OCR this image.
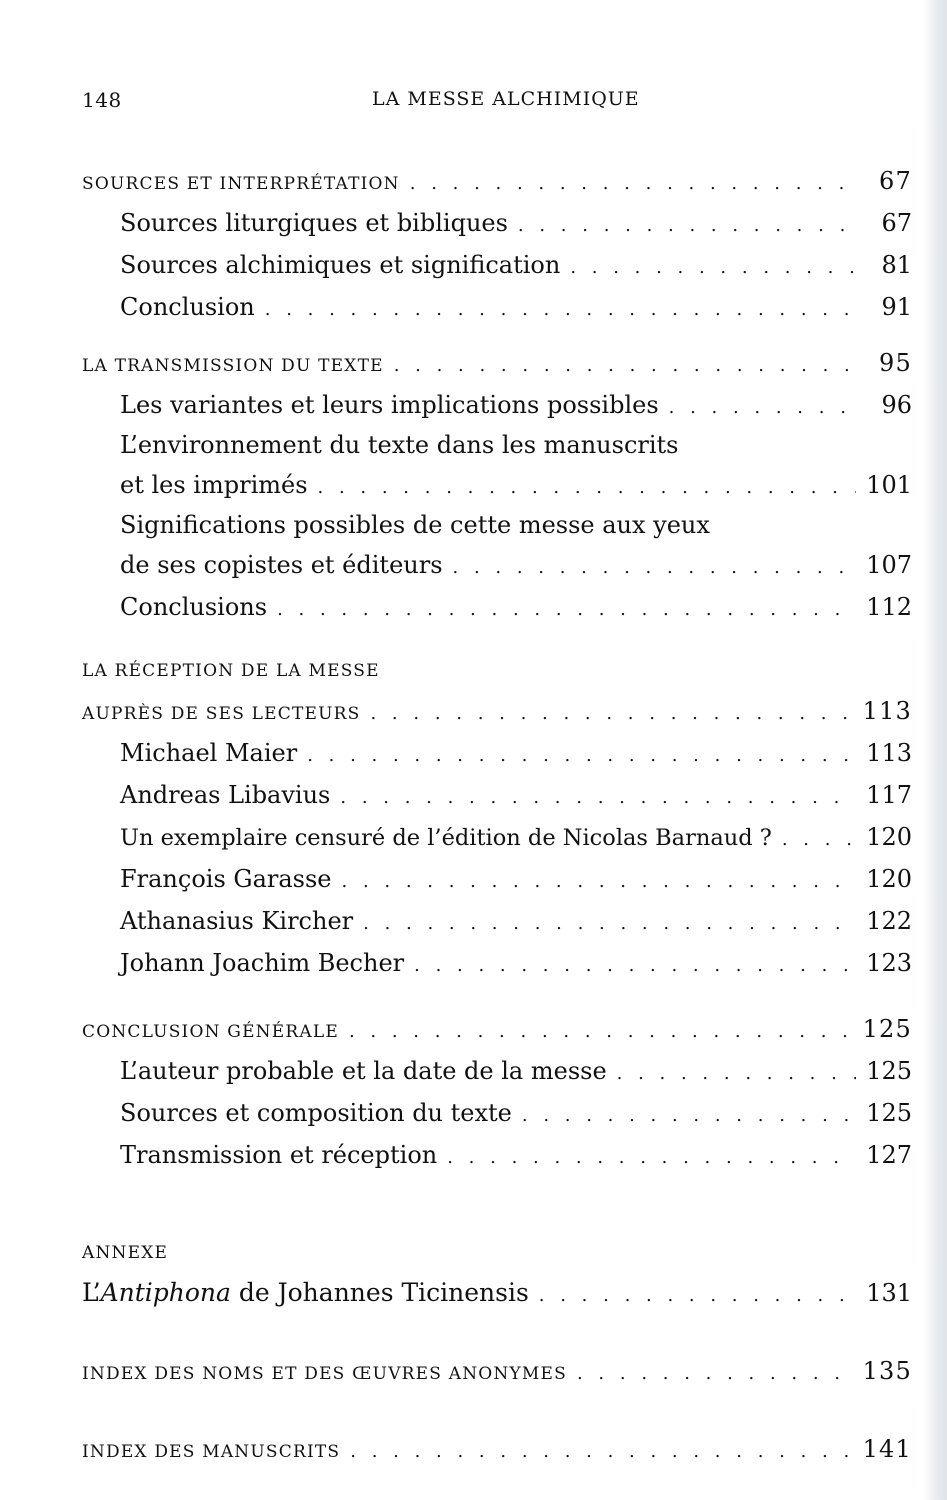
148	LA MESSE ALCHIMIQUE
SOURCES ET INTERPRÉTATION . . .	67
Sources liturgiques et bibliques . . .	67
Sources alchimiques et signification . . .	81
Conclusion . . .	91
LA TRANSMISSION DU TEXTE . . .	95
Les variantes et leurs implications possibles . . .	96
L’environnement du texte dans les manuscrits
et les imprimés . . .	101
Significations possibles de cette messe aux yeux
de ses copistes et éditeurs . . .	107
Conclusions . . .	112
LA RÉCEPTION DE LA MESSE
AUPRÈS DE SES LECTEURS . . .	113
Michael Maier . . .	113
Andreas Libavius . . .	117
Un exemplaire censuré de l’édition de Nicolas Barnaud ? . . .	120
François Garasse . . .	120
Athanasius Kircher . . .	122
Johann Joachim Becher . . .	123
CONCLUSION GÉNÉRALE . . .	125
L’auteur probable et la date de la messe . . .	125
Sources et composition du texte . . .	125
Transmission et réception . . .	127
ANNEXE
L’Antiphona de Johannes Ticinensis . . .	131
INDEX DES NOMS ET DES ŒUVRES ANONYMES . . .	135
INDEX DES MANUSCRITS . . .	141
